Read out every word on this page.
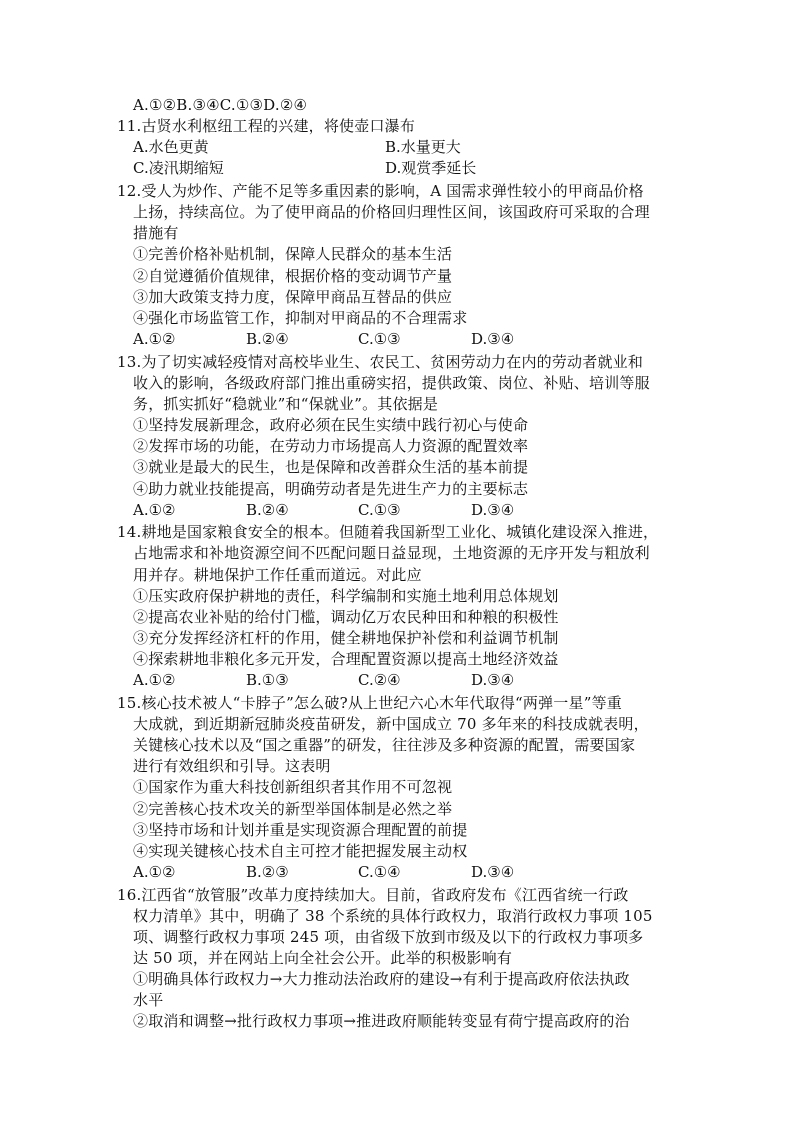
A.①②B.③④C.①③D.②④
11.古贤水利枢纽工程的兴建，将使壶口瀑布
A.水色更黄	B.水量更大
C.凌汛期缩短	D.观赏季延长
12.受人为炒作、产能不足等多重因素的影响，A 国需求弹性较小的甲商品价格
上扬，持续高位。为了使甲商品的价格回归理性区间，该国政府可采取的合理
措施有
①完善价格补贴机制，保障人民群众的基本生活
②自觉遵循价值规律，根据价格的变动调节产量
③加大政策支持力度，保障甲商品互替品的供应
④强化市场监管工作，抑制对甲商品的不合理需求
A.①②	B.②④	C.①③	D.③④
13.为了切实减轻疫情对高校毕业生、农民工、贫困劳动力在内的劳动者就业和
收入的影响，各级政府部门推出重磅实招，提供政策、岗位、补贴、培训等服
务，抓实抓好“稳就业”和“保就业”。其依据是
①坚持发展新理念，政府必须在民生实绩中践行初心与使命
②发挥市场的功能，在劳动力市场提高人力资源的配置效率
③就业是最大的民生，也是保障和改善群众生活的基本前提
④助力就业技能提高，明确劳动者是先进生产力的主要标志
A.①②	B.②④	C.①③	D.③④
14.耕地是国家粮食安全的根本。但随着我国新型工业化、城镇化建设深入推进，
占地需求和补地资源空间不匹配问题日益显现，土地资源的无序开发与粗放利
用并存。耕地保护工作任重而道远。对此应
①压实政府保护耕地的责任，科学编制和实施土地利用总体规划
②提高农业补贴的给付门槛，调动亿万农民种田和种粮的积极性
③充分发挥经济杠杆的作用，健全耕地保护补偿和利益调节机制
④探索耕地非粮化多元开发，合理配置资源以提高土地经济效益
A.①②	B.①③	C.②④	D.③④
15.核心技术被人“卡脖子”怎么破?从上世纪六心木年代取得“两弹一星”等重
大成就，到近期新冠肺炎疫苗研发，新中国成立 70 多年来的科技成就表明，
关键核心技术以及“国之重器”的研发，往往涉及多种资源的配置，需要国家
进行有效组织和引导。这表明
①国家作为重大科技创新组织者其作用不可忽视
②完善核心技术攻关的新型举国体制是必然之举
③坚持市场和计划并重是实现资源合理配置的前提
④实现关键核心技术自主可控才能把握发展主动权
A.①②	B.②③	C.①④	D.③④
16.江西省“放管服”改革力度持续加大。目前，省政府发布《江西省统一行政
权力清单》其中，明确了 38 个系统的具体行政权力，取消行政权力事项 105
项、调整行政权力事项 245 项，由省级下放到市级及以下的行政权力事项多
达 50 项，并在网站上向全社会公开。此举的积极影响有
①明确具体行政权力→大力推动法治政府的建设→有利于提高政府依法执政
水平
②取消和调整→批行政权力事项→推进政府顺能转变显有荷宁提高政府的治
